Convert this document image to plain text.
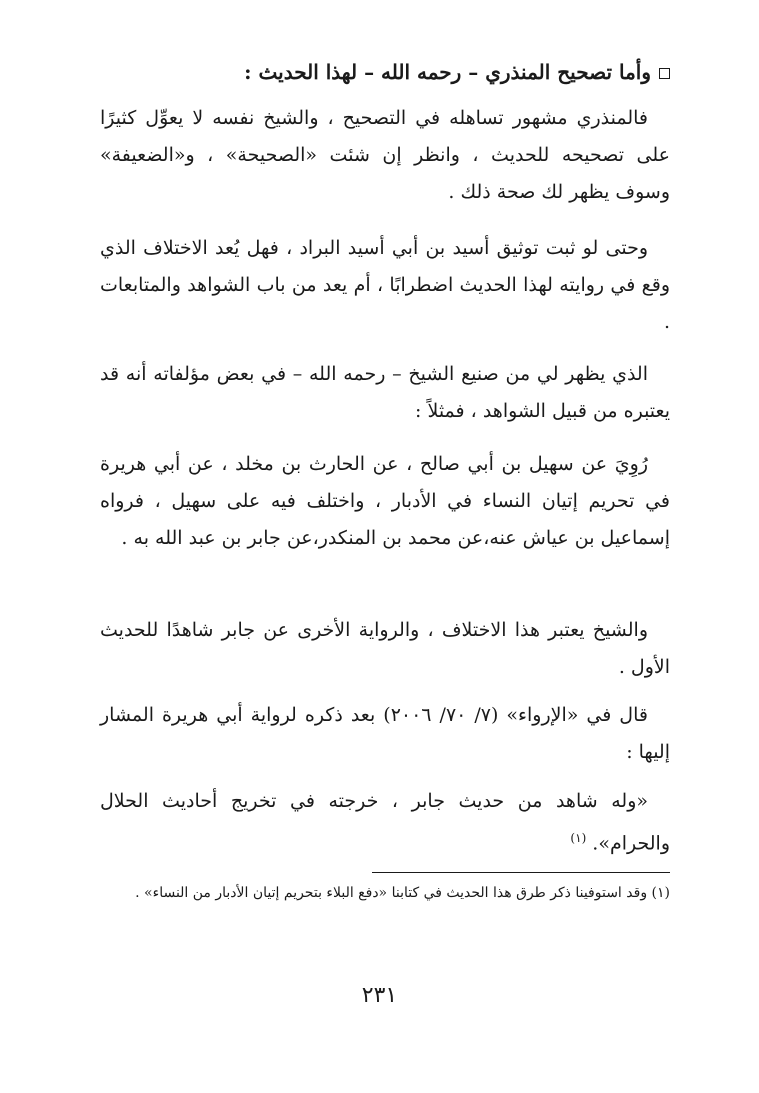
وأما تصحيح المنذري – رحمه الله – لهذا الحديث :

فالمنذري مشهور تساهله في التصحيح ، والشيخ نفسه لا يعوِّل كثيرًا على تصحيحه للحديث ، وانظر إن شئت «الصحيحة» ، و«الضعيفة» وسوف يظهر لك صحة ذلك .

وحتى لو ثبت توثيق أسيد بن أبي أسيد البراد ، فهل يُعد الاختلاف الذي وقع في روايته لهذا الحديث اضطرابًا ، أم يعد من باب الشواهد والمتابعات .

الذي يظهر لي من صنيع الشيخ – رحمه الله – في بعض مؤلفاته أنه قد يعتبره من قبيل الشواهد ، فمثلاً :

رُوِيَ عن سهيل بن أبي صالح ، عن الحارث بن مخلد ، عن أبي هريرة في تحريم إتيان النساء في الأدبار ، واختلف فيه على سهيل ، فرواه إسماعيل بن عياش عنه،عن محمد بن المنكدر،عن جابر بن عبد الله به .

والشيخ يعتبر هذا الاختلاف ، والرواية الأخرى عن جابر شاهدًا للحديث الأول .

قال في «الإرواء» (٧/ ٧٠/ ٢٠٠٦) بعد ذكره لرواية أبي هريرة المشار إليها :

«وله شاهد من حديث جابر ، خرجته في تخريج أحاديث الحلال والحرام». $^{(١)}$

(١) وقد استوفينا ذكر طرق هذا الحديث في كتابنا «دفع البلاء بتحريم إتيان الأدبار من النساء» .
٢٣١
